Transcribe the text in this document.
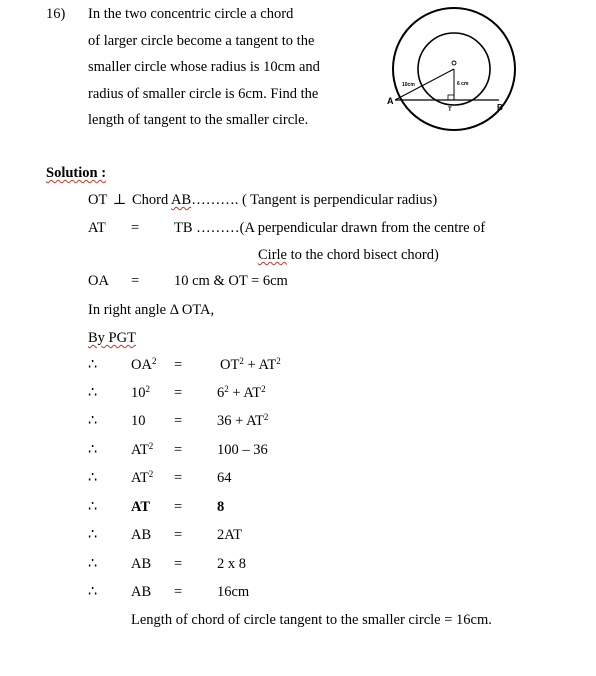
16) In the two concentric circle a chord
of larger circle become a tangent to the
smaller circle whose radius is 10cm and
radius of smaller circle is 6cm. Find the
length of tangent to the smaller circle.
A
B
T
10cm	6 cm
Solution :
OT ⊥ Chord AB………. ( Tangent is perpendicular radius)
AT = TB ………(A perpendicular drawn from the centre of
Cirle to the chord bisect chord)
OA = 10 cm & OT = 6cm
In right angle Δ OTA,
By PGT
∴ $OA^2$ =	$OT^2 + AT^2$
∴ $10^2 = 6^2 + AT^2$
∴ $10 = 36 + AT^2$
∴ $AT^2 = 100 - 36$
∴ $AT^2 = 64$
∴ AT = 8
∴ AB = 2AT
∴ AB = 2 x 8
∴ AB = 16cm
Length of chord of circle tangent to the smaller circle = 16cm.
